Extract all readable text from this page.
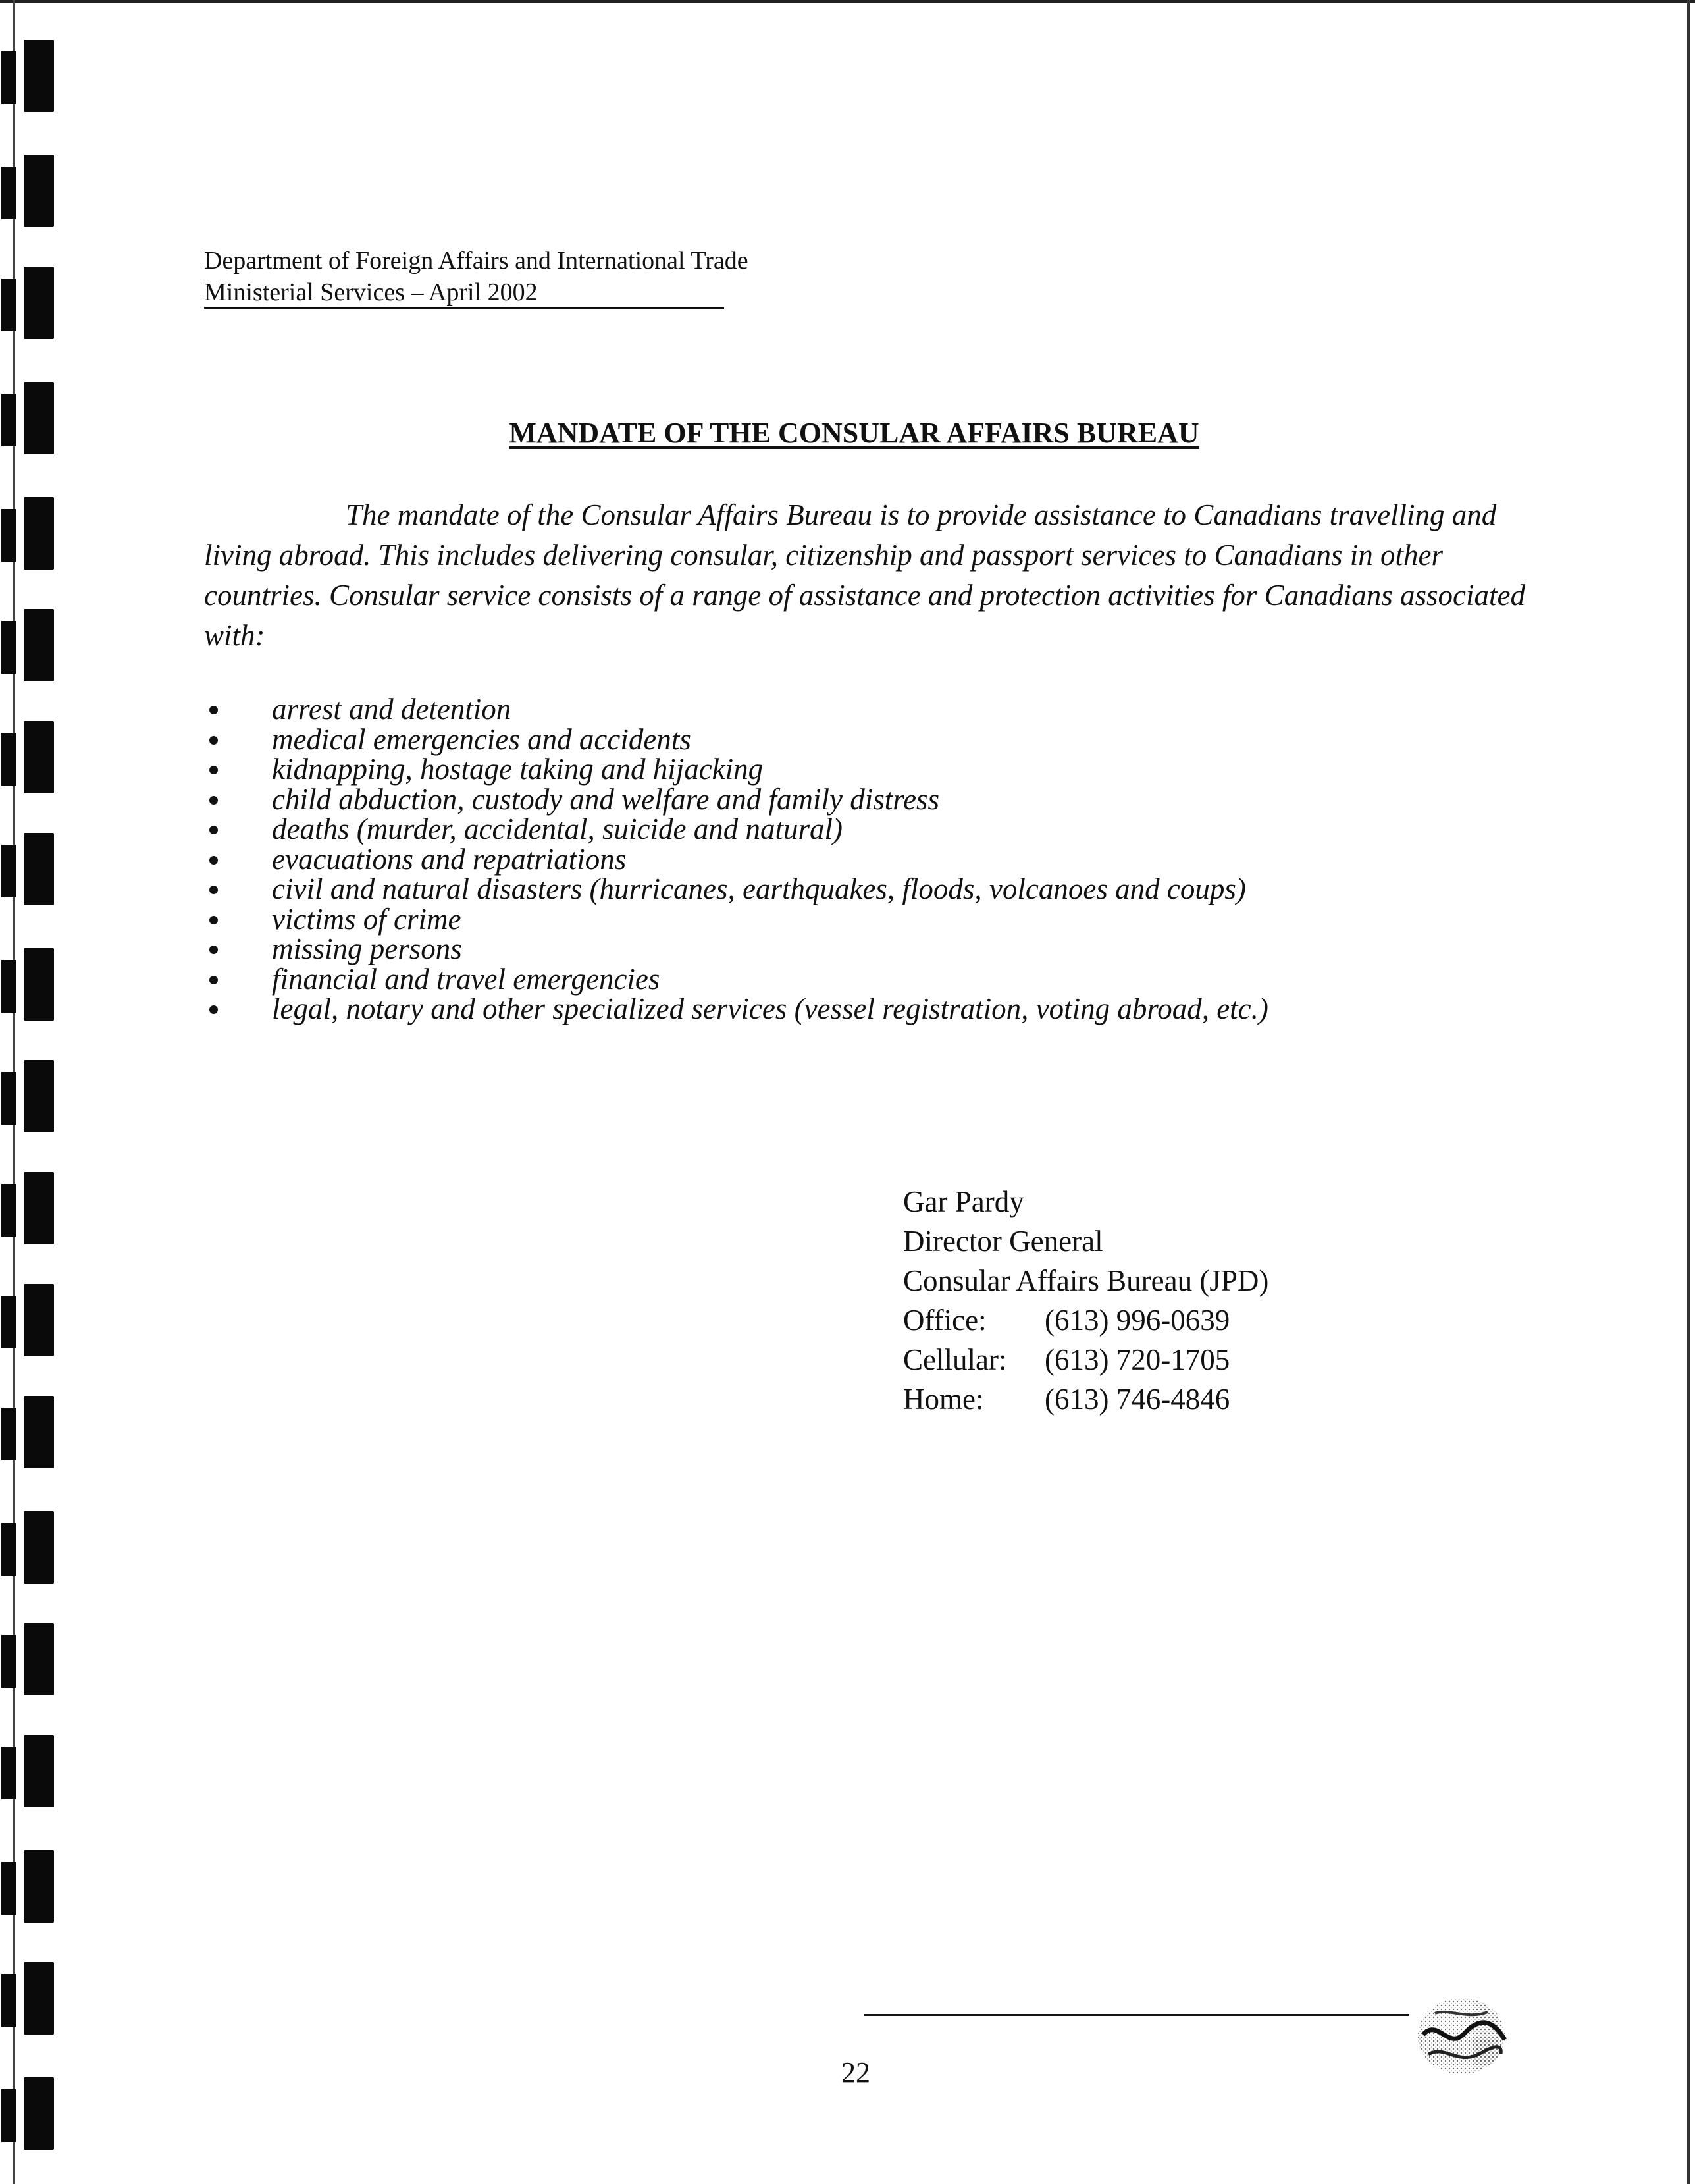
Department of Foreign Affairs and International Trade
Ministerial Services – April 2002
MANDATE OF THE CONSULAR AFFAIRS BUREAU

The mandate of the Consular Affairs Bureau is to provide assistance to Canadians travelling and living abroad. This includes delivering consular, citizenship and passport services to Canadians in other countries. Consular service consists of a range of assistance and protection activities for Canadians associated with:

arrest and detention
medical emergencies and accidents
kidnapping, hostage taking and hijacking
child abduction, custody and welfare and family distress
deaths (murder, accidental, suicide and natural)
evacuations and repatriations
civil and natural disasters (hurricanes, earthquakes, floods, volcanoes and coups)
victims of crime
missing persons
financial and travel emergencies
legal, notary and other specialized services (vessel registration, voting abroad, etc.)
Gar Pardy
Director General
Consular Affairs Bureau (JPD)
Office: (613) 996-0639
Cellular: (613) 720-1705
Home: (613) 746-4846
22
